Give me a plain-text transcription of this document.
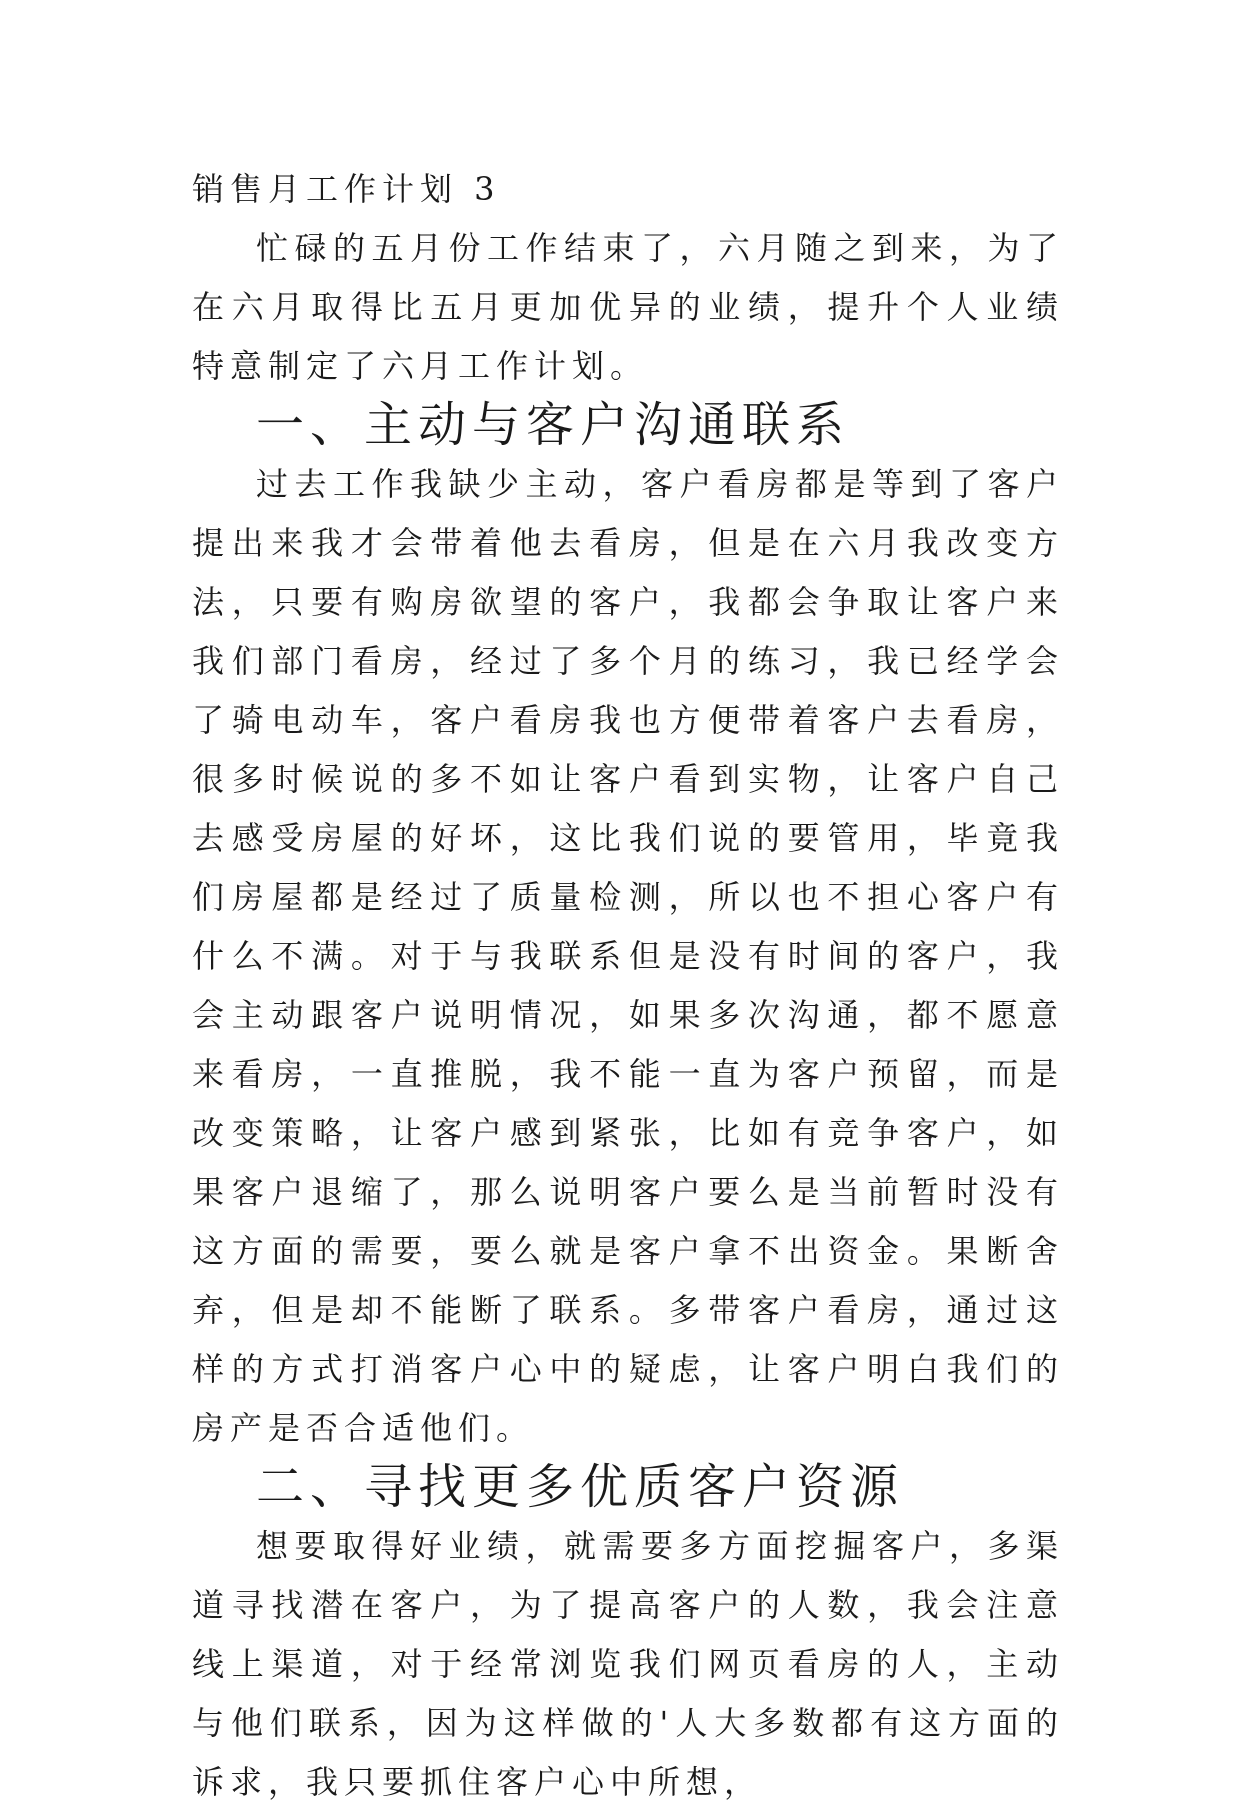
销售月工作计划 3

忙碌的五月份工作结束了，六月随之到来，为了在六月取得比五月更加优异的业绩，提升个人业绩特意制定了六月工作计划。

一、主动与客户沟通联系

过去工作我缺少主动，客户看房都是等到了客户提出来我才会带着他去看房，但是在六月我改变方法，只要有购房欲望的客户，我都会争取让客户来我们部门看房，经过了多个月的练习，我已经学会了骑电动车，客户看房我也方便带着客户去看房，很多时候说的多不如让客户看到实物，让客户自己去感受房屋的好坏，这比我们说的要管用，毕竟我们房屋都是经过了质量检测，所以也不担心客户有什么不满。对于与我联系但是没有时间的客户，我会主动跟客户说明情况，如果多次沟通，都不愿意来看房，一直推脱，我不能一直为客户预留，而是改变策略，让客户感到紧张，比如有竞争客户，如果客户退缩了，那么说明客户要么是当前暂时没有这方面的需要，要么就是客户拿不出资金。果断舍弃，但是却不能断了联系。多带客户看房，通过这样的方式打消客户心中的疑虑，让客户明白我们的房产是否合适他们。

二、寻找更多优质客户资源

想要取得好业绩，就需要多方面挖掘客户，多渠道寻找潜在客户，为了提高客户的人数，我会注意线上渠道，对于经常浏览我们网页看房的人，主动与他们联系，因为这样做的'人大多数都有这方面的诉求，我只要抓住客户心中所想，
